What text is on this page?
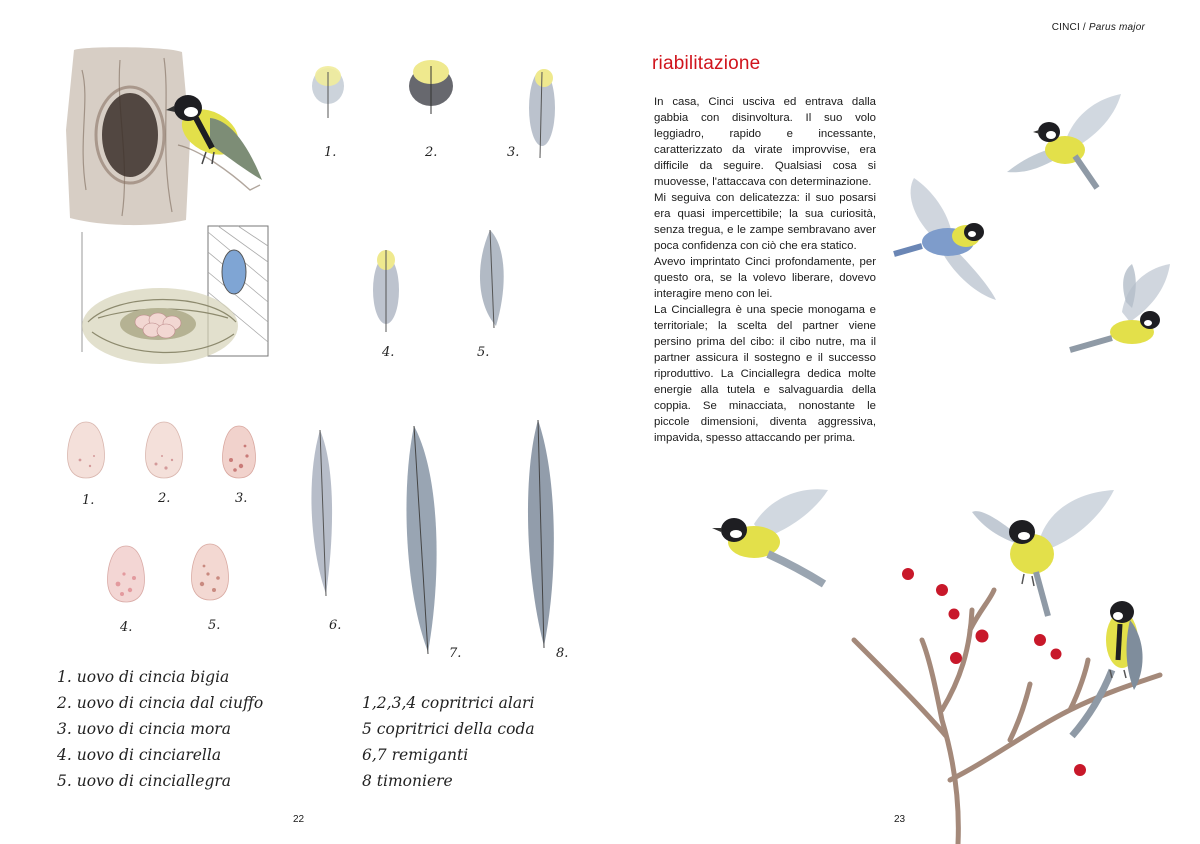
1.	2.	3.
4.	5.
6.
7.	8.
1.	2.	3.
4.	5.
1. uovo di cincia bigia
2. uovo di cincia dal ciuffo
3. uovo di cincia mora
4. uovo di cinciarella
5. uovo di cinciallegra
1,2,3,4 copritrici alari
5 copritrici della coda
6,7 remiganti
8 timoniere
22
CINCI / Parus major
riabilitazione

In casa, Cinci usciva ed entrava dalla gabbia con disinvoltura. Il suo volo leggiadro, rapido e incessante, caratterizzato da virate improvvise, era difficile da seguire. Qualsiasi cosa si muovesse, l'attaccava con determinazione.

Mi seguiva con delicatezza: il suo posarsi era quasi impercettibile; la sua curiosità, senza tregua, e le zampe sembravano aver poca confidenza con ciò che era statico.

Avevo imprintato Cinci profondamente, per questo ora, se la volevo liberare, dovevo interagire meno con lei.

La Cinciallegra è una specie monogama e territoriale; la scelta del partner viene persino prima del cibo: il cibo nutre, ma il partner assicura il sostegno e il successo riproduttivo. La Cinciallegra dedica molte energie alla tutela e salvaguardia della coppia. Se minacciata, nonostante le piccole dimensioni, diventa aggressiva, impavida, spesso attaccando per prima.

23
